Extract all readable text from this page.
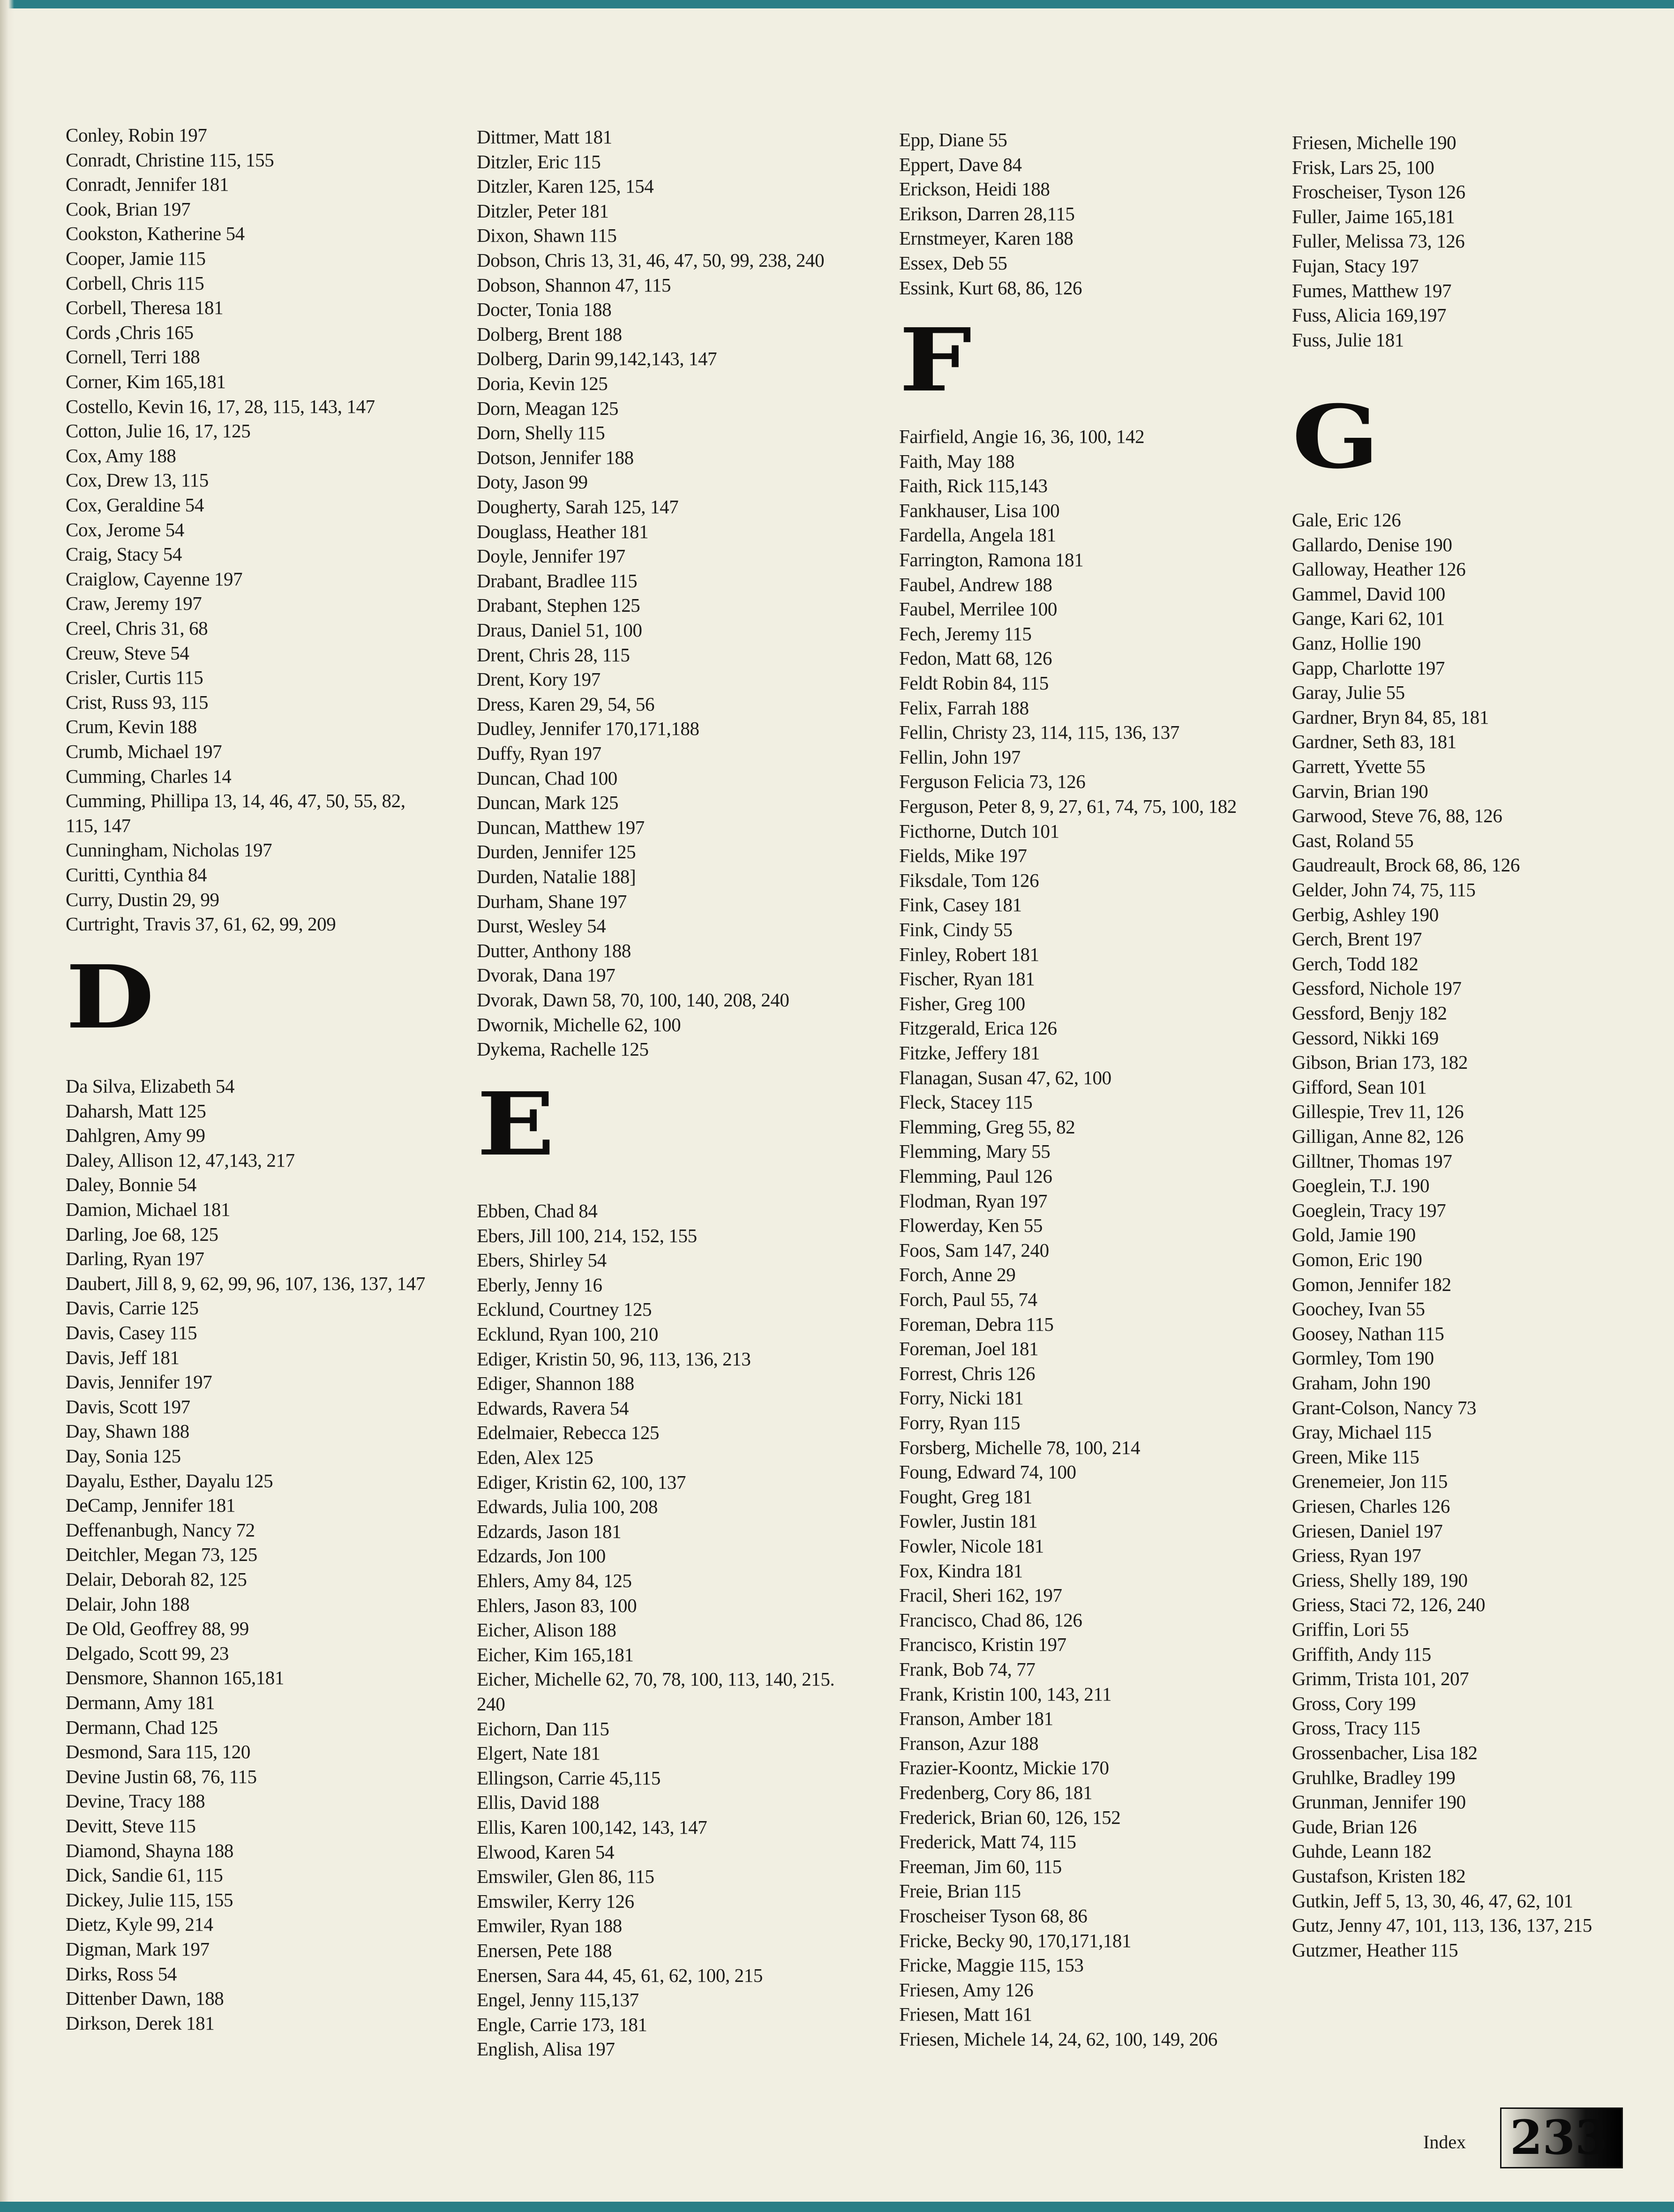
Conley, Robin 197
Conradt, Christine 115, 155
Conradt, Jennifer 181
Cook, Brian 197
Cookston, Katherine 54
Cooper, Jamie 115
Corbell, Chris 115
Corbell, Theresa 181
Cords ,Chris 165
Cornell, Terri 188
Corner, Kim 165,181
Costello, Kevin 16, 17, 28, 115, 143, 147
Cotton, Julie 16, 17, 125
Cox, Amy 188
Cox, Drew 13, 115
Cox, Geraldine 54
Cox, Jerome 54
Craig, Stacy 54
Craiglow, Cayenne 197
Craw, Jeremy 197
Creel, Chris 31, 68
Creuw, Steve 54
Crisler, Curtis 115
Crist, Russ 93, 115
Crum, Kevin 188
Crumb, Michael 197
Cumming, Charles 14
Cumming, Phillipa 13, 14, 46, 47, 50, 55, 82,
115, 147
Cunningham, Nicholas 197
Curitti, Cynthia 84
Curry, Dustin 29, 99
Curtright, Travis 37, 61, 62, 99, 209
D
Da Silva, Elizabeth 54
Daharsh, Matt 125
Dahlgren, Amy 99
Daley, Allison 12, 47,143, 217
Daley, Bonnie 54
Damion, Michael 181
Darling, Joe 68, 125
Darling, Ryan 197
Daubert, Jill 8, 9, 62, 99, 96, 107, 136, 137, 147
Davis, Carrie 125
Davis, Casey 115
Davis, Jeff 181
Davis, Jennifer 197
Davis, Scott 197
Day, Shawn 188
Day, Sonia 125
Dayalu, Esther, Dayalu 125
DeCamp, Jennifer 181
Deffenanbugh, Nancy 72
Deitchler, Megan 73, 125
Delair, Deborah 82, 125
Delair, John 188
De Old, Geoffrey 88, 99
Delgado, Scott 99, 23
Densmore, Shannon 165,181
Dermann, Amy 181
Dermann, Chad 125
Desmond, Sara 115, 120
Devine Justin 68, 76, 115
Devine, Tracy 188
Devitt, Steve 115
Diamond, Shayna 188
Dick, Sandie 61, 115
Dickey, Julie 115, 155
Dietz, Kyle 99, 214
Digman, Mark 197
Dirks, Ross 54
Dittenber Dawn, 188
Dirkson, Derek 181
Dittmer, Matt 181
Ditzler, Eric 115
Ditzler, Karen 125, 154
Ditzler, Peter 181
Dixon, Shawn 115
Dobson, Chris 13, 31, 46, 47, 50, 99, 238, 240
Dobson, Shannon 47, 115
Docter, Tonia 188
Dolberg, Brent 188
Dolberg, Darin 99,142,143, 147
Doria, Kevin 125
Dorn, Meagan 125
Dorn, Shelly 115
Dotson, Jennifer 188
Doty, Jason 99
Dougherty, Sarah 125, 147
Douglass, Heather 181
Doyle, Jennifer 197
Drabant, Bradlee 115
Drabant, Stephen 125
Draus, Daniel 51, 100
Drent, Chris 28, 115
Drent, Kory 197
Dress, Karen 29, 54, 56
Dudley, Jennifer 170,171,188
Duffy, Ryan 197
Duncan, Chad 100
Duncan, Mark 125
Duncan, Matthew 197
Durden, Jennifer 125
Durden, Natalie 188]
Durham, Shane 197
Durst, Wesley 54
Dutter, Anthony 188
Dvorak, Dana 197
Dvorak, Dawn 58, 70, 100, 140, 208, 240
Dwornik, Michelle 62, 100
Dykema, Rachelle 125
E
Ebben, Chad 84
Ebers, Jill 100, 214, 152, 155
Ebers, Shirley 54
Eberly, Jenny 16
Ecklund, Courtney 125
Ecklund, Ryan 100, 210
Ediger, Kristin 50, 96, 113, 136, 213
Ediger, Shannon 188
Edwards, Ravera 54
Edelmaier, Rebecca 125
Eden, Alex 125
Ediger, Kristin 62, 100, 137
Edwards, Julia 100, 208
Edzards, Jason 181
Edzards, Jon 100
Ehlers, Amy 84, 125
Ehlers, Jason 83, 100
Eicher, Alison 188
Eicher, Kim 165,181
Eicher, Michelle 62, 70, 78, 100, 113, 140, 215.
240
Eichorn, Dan 115
Elgert, Nate 181
Ellingson, Carrie 45,115
Ellis, David 188
Ellis, Karen 100,142, 143, 147
Elwood, Karen 54
Emswiler, Glen 86, 115
Emswiler, Kerry 126
Emwiler, Ryan 188
Enersen, Pete 188
Enersen, Sara 44, 45, 61, 62, 100, 215
Engel, Jenny 115,137
Engle, Carrie 173, 181
English, Alisa 197
Epp, Diane 55
Eppert, Dave 84
Erickson, Heidi 188
Erikson, Darren 28,115
Ernstmeyer, Karen 188
Essex, Deb 55
Essink, Kurt 68, 86, 126
F
Fairfield, Angie 16, 36, 100, 142
Faith, May 188
Faith, Rick 115,143
Fankhauser, Lisa 100
Fardella, Angela 181
Farrington, Ramona 181
Faubel, Andrew 188
Faubel, Merrilee 100
Fech, Jeremy 115
Fedon, Matt 68, 126
Feldt Robin 84, 115
Felix, Farrah 188
Fellin, Christy 23, 114, 115, 136, 137
Fellin, John 197
Ferguson Felicia 73, 126
Ferguson, Peter 8, 9, 27, 61, 74, 75, 100, 182
Ficthorne, Dutch 101
Fields, Mike 197
Fiksdale, Tom 126
Fink, Casey 181
Fink, Cindy 55
Finley, Robert 181
Fischer, Ryan 181
Fisher, Greg 100
Fitzgerald, Erica 126
Fitzke, Jeffery 181
Flanagan, Susan 47, 62, 100
Fleck, Stacey 115
Flemming, Greg 55, 82
Flemming, Mary 55
Flemming, Paul 126
Flodman, Ryan 197
Flowerday, Ken 55
Foos, Sam 147, 240
Forch, Anne 29
Forch, Paul 55, 74
Foreman, Debra 115
Foreman, Joel 181
Forrest, Chris 126
Forry, Nicki 181
Forry, Ryan 115
Forsberg, Michelle 78, 100, 214
Foung, Edward 74, 100
Fought, Greg 181
Fowler, Justin 181
Fowler, Nicole 181
Fox, Kindra 181
Fracil, Sheri 162, 197
Francisco, Chad 86, 126
Francisco, Kristin 197
Frank, Bob 74, 77
Frank, Kristin 100, 143, 211
Franson, Amber 181
Franson, Azur 188
Frazier-Koontz, Mickie 170
Fredenberg, Cory 86, 181
Frederick, Brian 60, 126, 152
Frederick, Matt 74, 115
Freeman, Jim 60, 115
Freie, Brian 115
Froscheiser Tyson 68, 86
Fricke, Becky 90, 170,171,181
Fricke, Maggie 115, 153
Friesen, Amy 126
Friesen, Matt 161
Friesen, Michele 14, 24, 62, 100, 149, 206
Friesen, Michelle 190
Frisk, Lars 25, 100
Froscheiser, Tyson 126
Fuller, Jaime 165,181
Fuller, Melissa 73, 126
Fujan, Stacy 197
Fumes, Matthew 197
Fuss, Alicia 169,197
Fuss, Julie 181
G
Gale, Eric 126
Gallardo, Denise 190
Galloway, Heather 126
Gammel, David 100
Gange, Kari 62, 101
Ganz, Hollie 190
Gapp, Charlotte 197
Garay, Julie 55
Gardner, Bryn 84, 85, 181
Gardner, Seth 83, 181
Garrett, Yvette 55
Garvin, Brian 190
Garwood, Steve 76, 88, 126
Gast, Roland 55
Gaudreault, Brock 68, 86, 126
Gelder, John 74, 75, 115
Gerbig, Ashley 190
Gerch, Brent 197
Gerch, Todd 182
Gessford, Nichole 197
Gessford, Benjy 182
Gessord, Nikki 169
Gibson, Brian 173, 182
Gifford, Sean 101
Gillespie, Trev 11, 126
Gilligan, Anne 82, 126
Gilltner, Thomas 197
Goeglein, T.J. 190
Goeglein, Tracy 197
Gold, Jamie 190
Gomon, Eric 190
Gomon, Jennifer 182
Goochey, Ivan 55
Goosey, Nathan 115
Gormley, Tom 190
Graham, John 190
Grant-Colson, Nancy 73
Gray, Michael 115
Green, Mike 115
Grenemeier, Jon 115
Griesen, Charles 126
Griesen, Daniel 197
Griess, Ryan 197
Griess, Shelly 189, 190
Griess, Staci 72, 126, 240
Griffin, Lori 55
Griffith, Andy 115
Grimm, Trista 101, 207
Gross, Cory 199
Gross, Tracy 115
Grossenbacher, Lisa 182
Gruhlke, Bradley 199
Grunman, Jennifer 190
Gude, Brian 126
Guhde, Leann 182
Gustafson, Kristen 182
Gutkin, Jeff 5, 13, 30, 46, 47, 62, 101
Gutz, Jenny 47, 101, 113, 136, 137, 215
Gutzmer, Heather 115
Index 233
